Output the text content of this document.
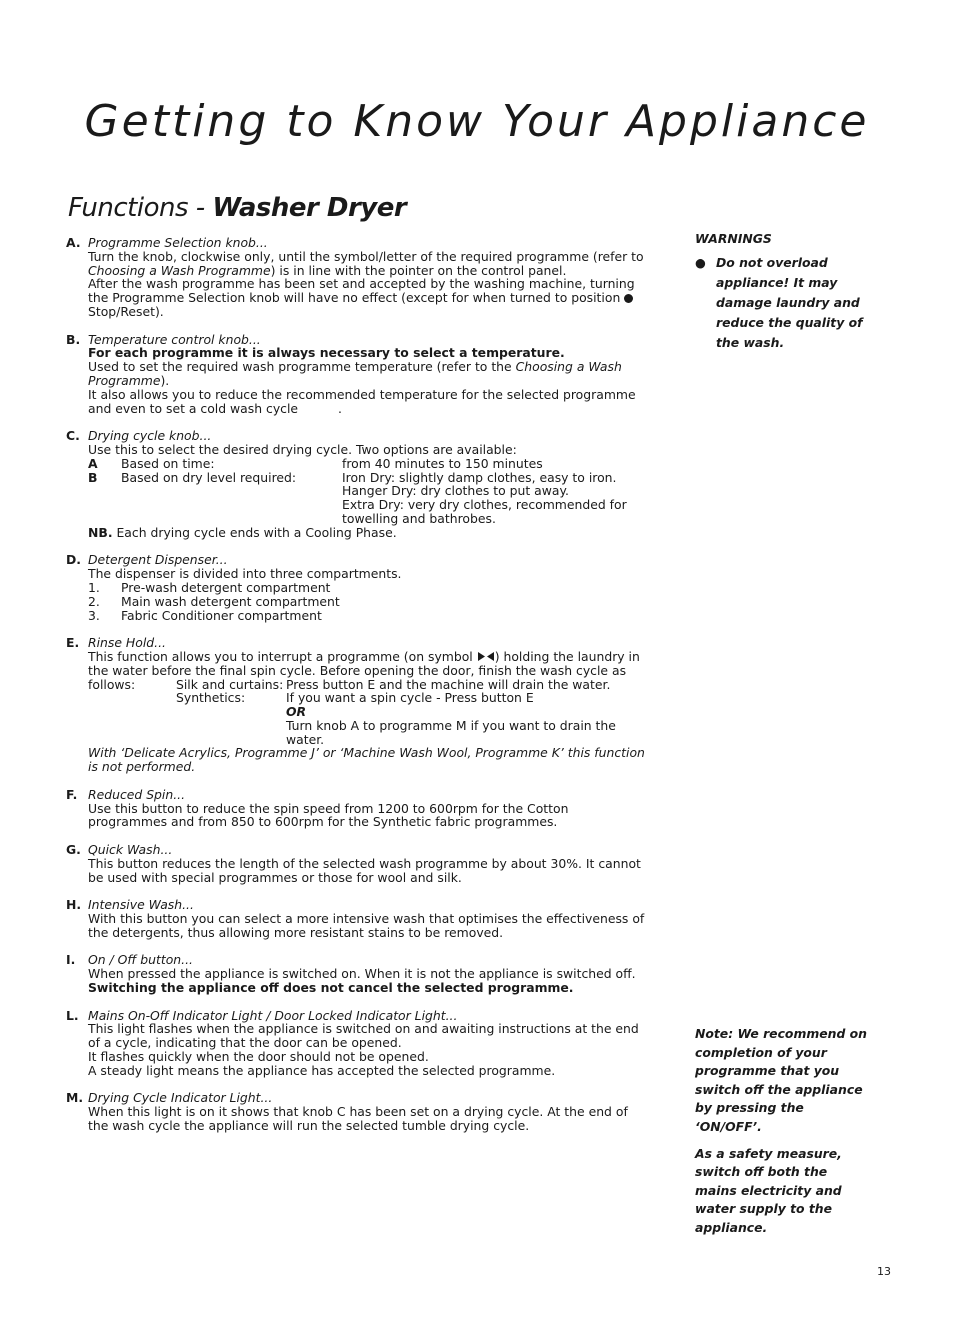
Getting to Know Your Appliance
Functions - Washer Dryer
A. Programme Selection knob...
Turn the knob, clockwise only, until the symbol/letter of the required programme (refer to Choosing a Wash Programme) is in line with the pointer on the control panel.
After the wash programme has been set and accepted by the washing machine, turning the Programme Selection knob will have no effect (except for when turned to position  Stop/Reset).
B. Temperature control knob...
For each programme it is always necessary to select a temperature.
Used to set the required wash programme temperature (refer to the Choosing a Wash Programme).
It also allows you to reduce the recommended temperature for the selected programme and even to set a cold wash cycle	.
C. Drying cycle knob...
Use this to select the desired drying cycle. Two options are available:
A	Based on time:	from 40 minutes to 150 minutes
B	Based on dry level required:	Iron Dry: slightly damp clothes, easy to iron.
Hanger Dry: dry clothes to put away.
Extra Dry: very dry clothes, recommended for towelling and bathrobes.
NB. Each drying cycle ends with a Cooling Phase.
D. Detergent Dispenser...
The dispenser is divided into three compartments.
1.	Pre-wash detergent compartment
2.	Main wash detergent compartment
3.	Fabric Conditioner compartment
E. Rinse Hold...
This function allows you to interrupt a programme (on symbol ) holding the laundry in the water before the final spin cycle. Before opening the door, finish the wash cycle as
follows:	Silk and curtains: Press button E and the machine will drain the water.
Synthetics:	If you want a spin cycle - Press button E
OR
Turn knob A to programme M if you want to drain the water.
With ‘Delicate Acrylics, Programme J’ or ‘Machine Wash Wool, Programme K’ this function is not performed.
F. Reduced Spin...
Use this button to reduce the spin speed from 1200 to 600rpm for the Cotton programmes and from 850 to 600rpm for the Synthetic fabric programmes.
G. Quick Wash...
This button reduces the length of the selected wash programme by about 30%. It cannot be used with special programmes or those for wool and silk.
H. Intensive Wash...
With this button you can select a more intensive wash that optimises the effectiveness of the detergents, thus allowing more resistant stains to be removed.
I. On / Off button...
When pressed the appliance is switched on. When it is not the appliance is switched off.
Switching the appliance off does not cancel the selected programme.
L. Mains On-Off Indicator Light / Door Locked Indicator Light...
This light flashes when the appliance is switched on and awaiting instructions at the end of a cycle, indicating that the door can be opened.
It flashes quickly when the door should not be opened.
A steady light means the appliance has accepted the selected programme.
M. Drying Cycle Indicator Light...
When this light is on it shows that knob C has been set on a drying cycle. At the end of the wash cycle the appliance will run the selected tumble drying cycle.
WARNINGS
● Do not overload appliance! It may damage laundry and reduce the quality of the wash.

Note: We recommend on completion of your programme that you switch off the appliance by pressing the ‘ON/OFF’.

As a safety measure, switch off both the mains electricity and water supply to the appliance.

13
